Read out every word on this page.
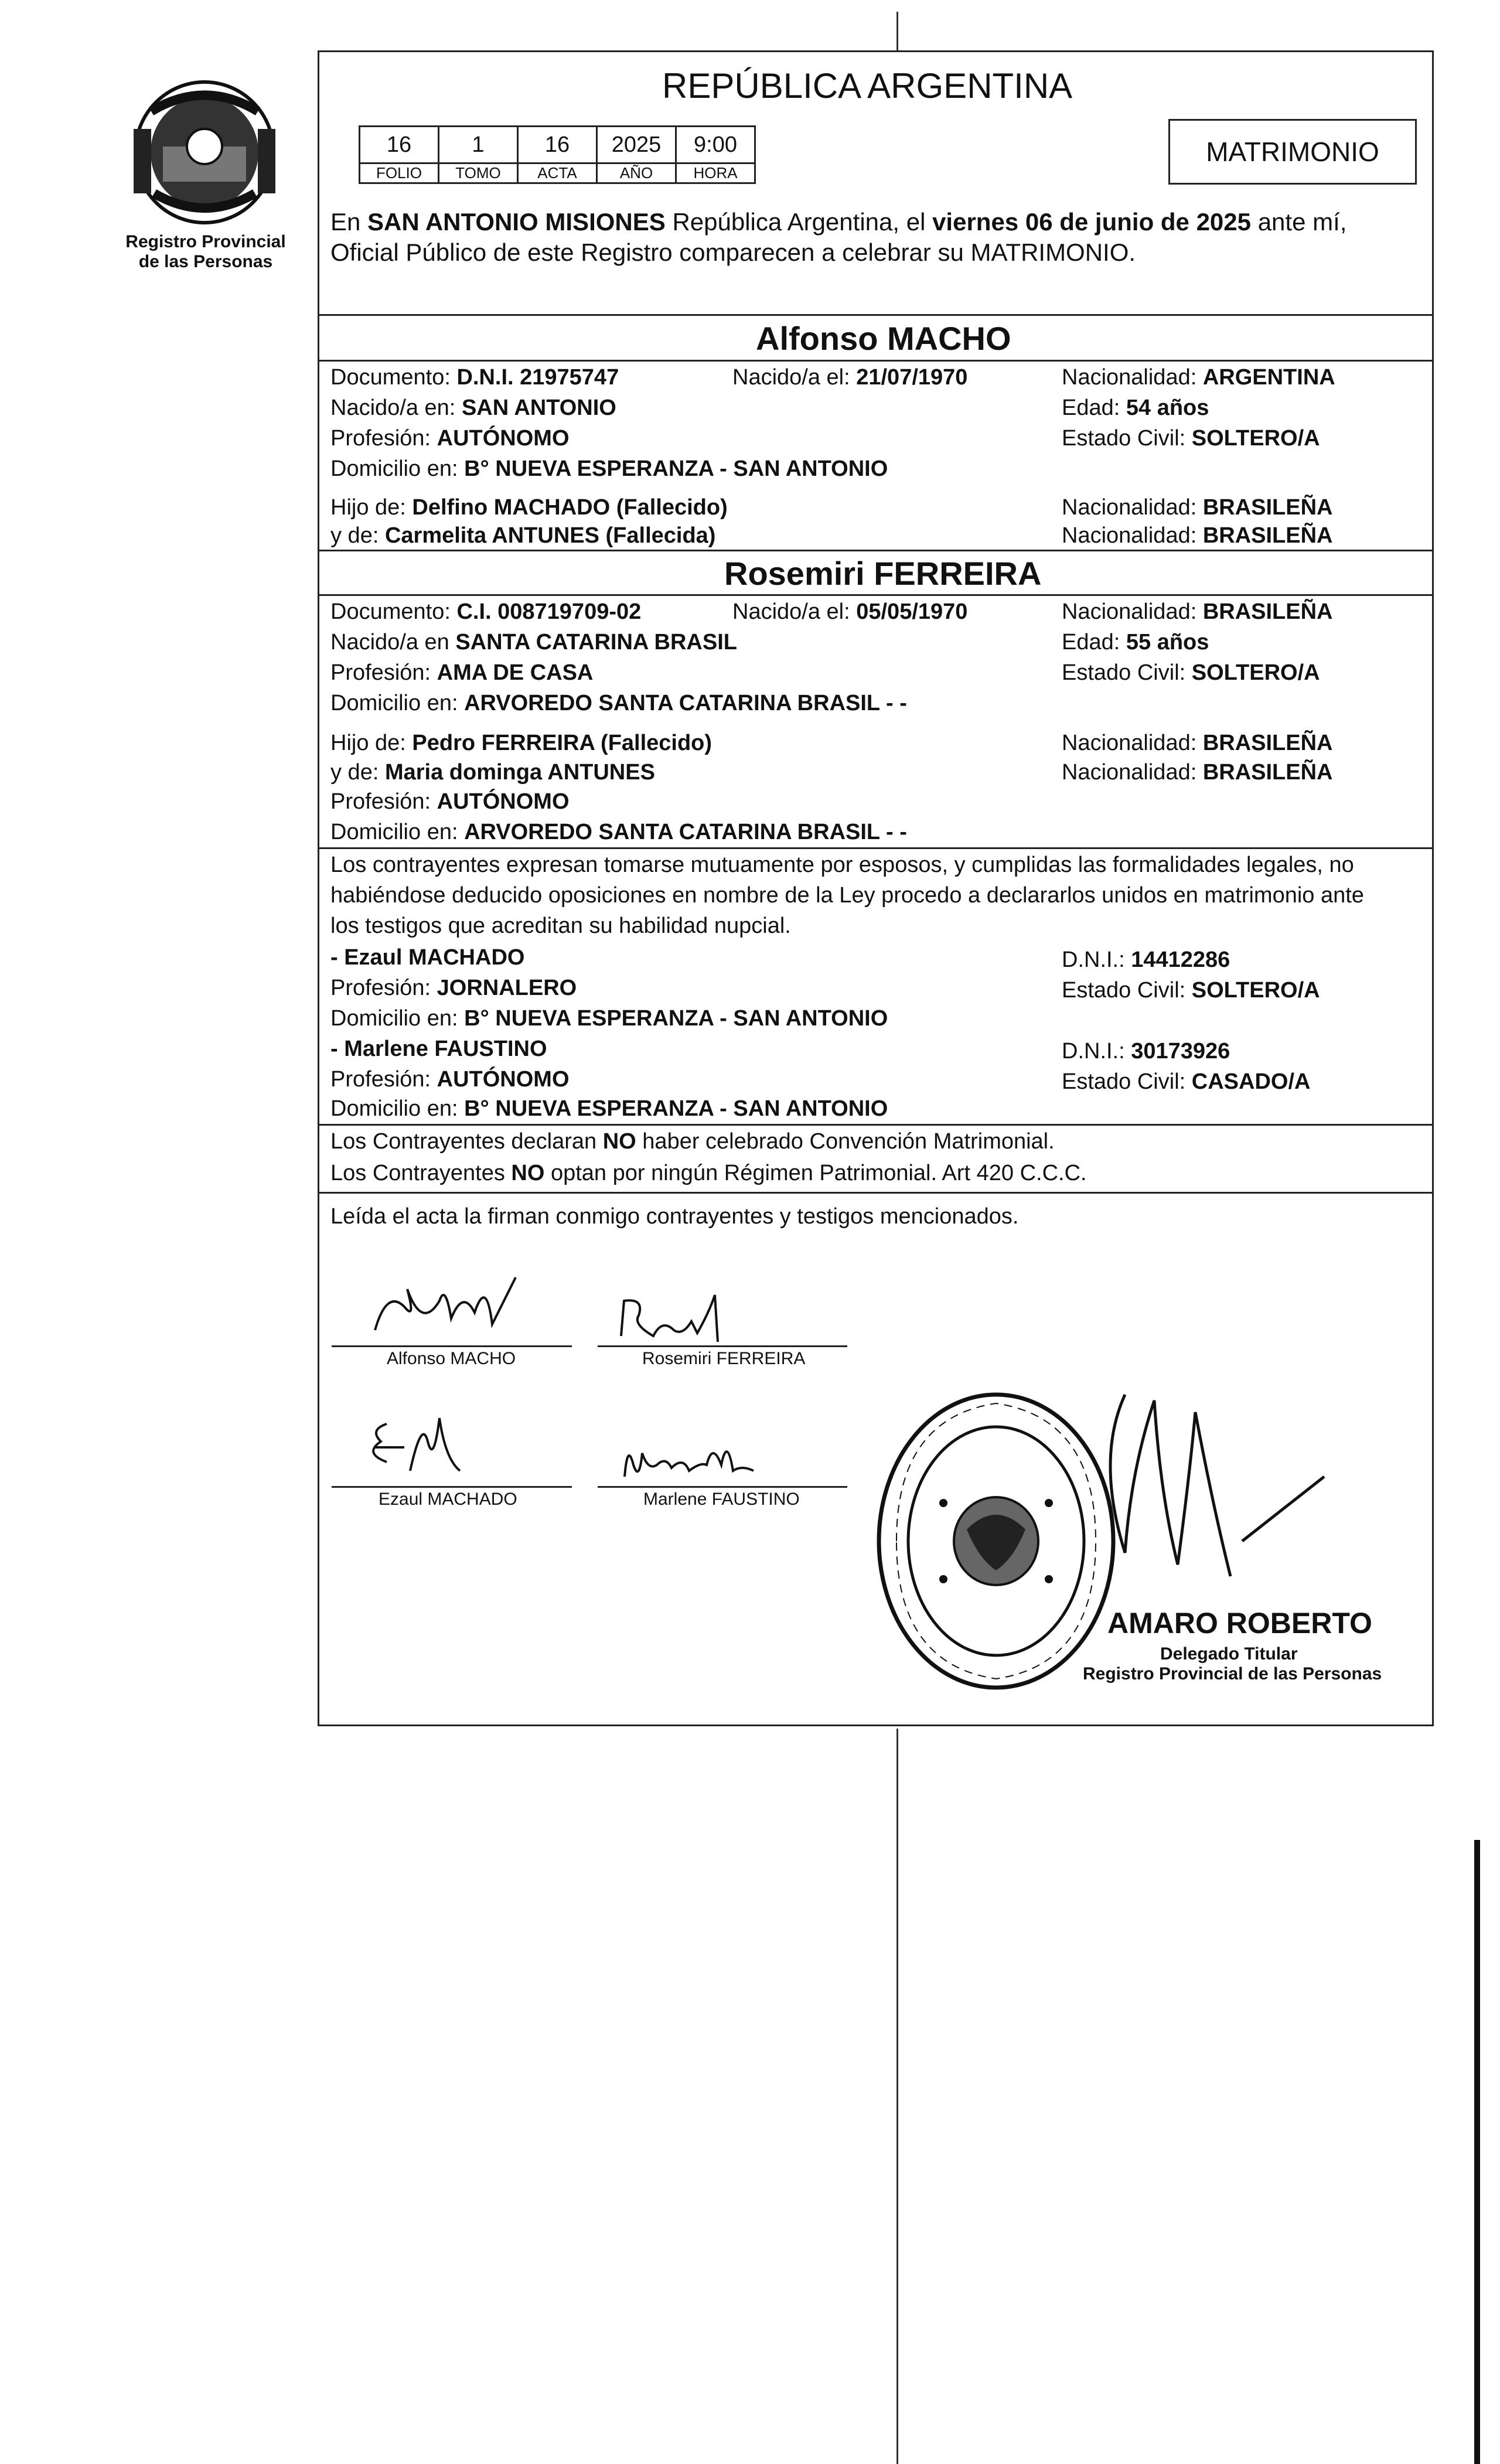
Registro Provincial de las Personas
REPÚBLICA ARGENTINA
16	1	16	2025	9:00
FOLIO	TOMO	ACTA	AÑO	HORA
MATRIMONIO
En SAN ANTONIO MISIONES República Argentina, el viernes 06 de junio de 2025 ante mí,
Oficial Público de este Registro comparecen a celebrar su MATRIMONIO.
Alfonso MACHO
Documento: D.N.I. 21975747	Nacido/a el: 21/07/1970	Nacionalidad: ARGENTINA
Nacido/a en: SAN ANTONIO	Edad: 54 años
Profesión: AUTÓNOMO	Estado Civil: SOLTERO/A
Domicilio en: B° NUEVA ESPERANZA - SAN ANTONIO
Hijo de: Delfino MACHADO (Fallecido)	Nacionalidad: BRASILEÑA
y de: Carmelita ANTUNES (Fallecida)	Nacionalidad: BRASILEÑA
Rosemiri FERREIRA
Documento: C.I. 008719709-02	Nacido/a el: 05/05/1970	Nacionalidad: BRASILEÑA
Nacido/a en SANTA CATARINA BRASIL	Edad: 55 años
Profesión: AMA DE CASA	Estado Civil: SOLTERO/A
Domicilio en: ARVOREDO SANTA CATARINA BRASIL - -
Hijo de: Pedro FERREIRA (Fallecido)	Nacionalidad: BRASILEÑA
y de: Maria dominga ANTUNES	Nacionalidad: BRASILEÑA
Profesión: AUTÓNOMO
Domicilio en: ARVOREDO SANTA CATARINA BRASIL - -
Los contrayentes expresan tomarse mutuamente por esposos, y cumplidas las formalidades legales, no
habiéndose deducido oposiciones en nombre de la Ley procedo a declararlos unidos en matrimonio ante
los testigos que acreditan su habilidad nupcial.
- Ezaul MACHADO	D.N.I.: 14412286
Profesión: JORNALERO	Estado Civil: SOLTERO/A
Domicilio en: B° NUEVA ESPERANZA - SAN ANTONIO
- Marlene FAUSTINO	D.N.I.: 30173926
Profesión: AUTÓNOMO	Estado Civil: CASADO/A
Domicilio en: B° NUEVA ESPERANZA - SAN ANTONIO
Los Contrayentes declaran NO haber celebrado Convención Matrimonial.
Los Contrayentes NO optan por ningún Régimen Patrimonial. Art 420 C.C.C.
Leída el acta la firman conmigo contrayentes y testigos mencionados.
Alfonso MACHO	Rosemiri FERREIRA
Ezaul MACHADO	Marlene FAUSTINO
AMARO ROBERTO
Delegado Titular
Registro Provincial de las Personas
